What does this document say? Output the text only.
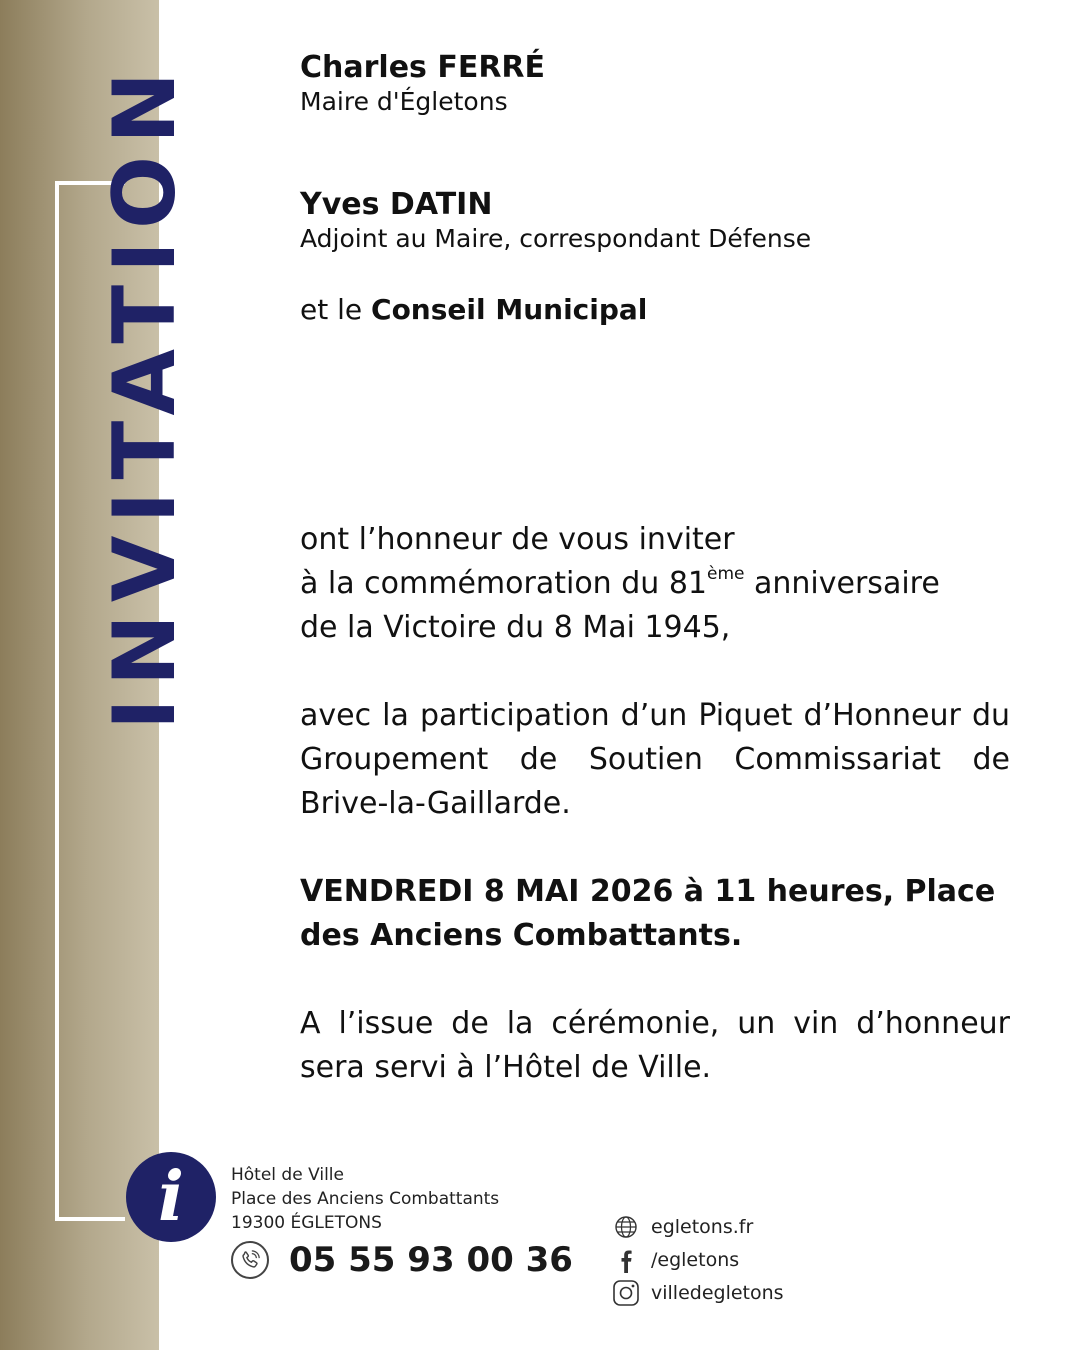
INVITATION	Charles FERRÉ
Maire d'Égletons
Yves DATIN
Adjoint au Maire, correspondant Défense
et le Conseil Municipal
ont l’honneur de vous inviter
à la commémoration du 81ème anniversaire
de la Victoire du 8 Mai 1945,
avec la participation d’un Piquet d’Honneur du Groupement de Soutien Commissariat de Brive-la-Gaillarde.
VENDREDI 8 MAI 2026 à 11 heures, Place des Anciens Combattants.
A l’issue de la cérémonie, un vin d’honneur sera servi à l’Hôtel de Ville.
i	Hôtel de Ville
Place des Anciens Combattants
19300 ÉGLETONS
05 55 93 00 36
egletons.fr
/egletons
villedegletons
